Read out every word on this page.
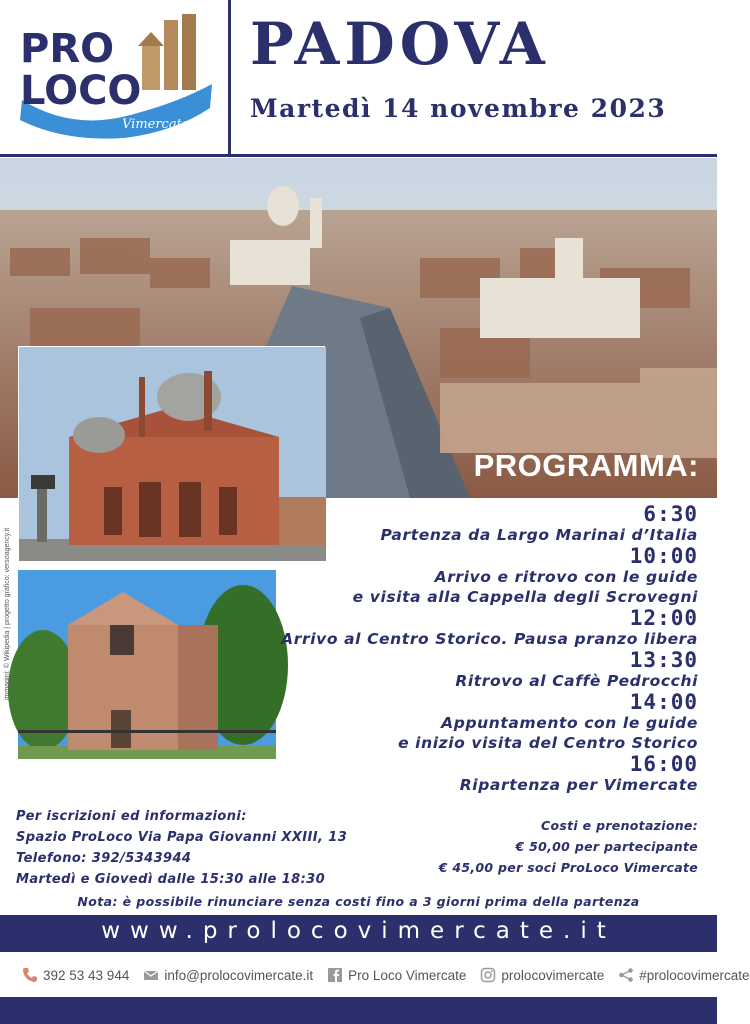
PRO
LOCO
Vimercate
PADOVA
Martedì 14 novembre 2023
immagini: © Wikipedia | progetto grafico: versoagency.it
PROGRAMMA:
6:30
Partenza da Largo Marinai d’Italia
10:00
Arrivo e ritrovo con le guide
e visita alla Cappella degli Scrovegni
12:00
Arrivo al Centro Storico. Pausa pranzo libera
13:30
Ritrovo al Caffè Pedrocchi
14:00
Appuntamento con le guide
e inizio visita del Centro Storico
16:00
Ripartenza per Vimercate
Per iscrizioni ed informazioni:
Spazio ProLoco Via Papa Giovanni XXIII, 13
Telefono: 392/5343944
Martedì e Giovedì dalle 15:30 alle 18:30
Costi e prenotazione:
€ 50,00 per partecipante
€ 45,00 per soci ProLoco Vimercate
Nota: è possibile rinunciare senza costi fino a 3 giorni prima della partenza
www.prolocovimercate.it
392 53 43 944	info@prolocovimercate.it	Pro Loco Vimercate	prolocovimercate	#prolocovimercate
